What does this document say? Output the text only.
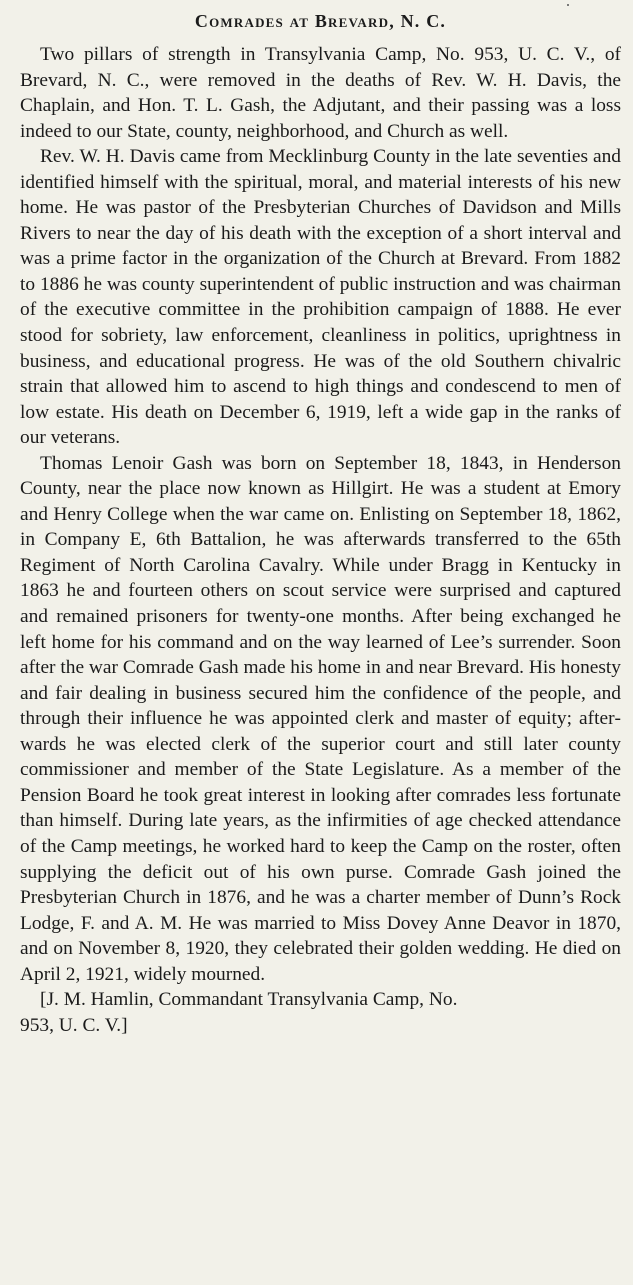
Comrades at Brevard, N. C.

Two pillars of strength in Transylvania Camp, No. 953, U. C. V., of Brevard, N. C., were removed in the deaths of Rev. W. H. Davis, the Chaplain, and Hon. T. L. Gash, the Adjutant, and their passing was a loss indeed to our State, county, neighborhood, and Church as well.

Rev. W. H. Davis came from Mecklinburg County in the late seventies and identified himself with the spiritual, moral, and material interests of his new home. He was pastor of the Presbyterian Churches of Davidson and Mills Rivers to near the day of his death with the exception of a short interval and was a prime factor in the organization of the Church at Brevard. From 1882 to 1886 he was county superintendent of public instruction and was chairman of the executive committee in the prohibition campaign of 1888. He ever stood for sobriety, law enforcement, cleanliness in politics, uprightness in business, and educational progress. He was of the old Southern chivalric strain that allowed him to ascend to high things and condescend to men of low estate. His death on December 6, 1919, left a wide gap in the ranks of our veterans.

Thomas Lenoir Gash was born on September 18, 1843, in Henderson County, near the place now known as Hillgirt. He was a student at Emory and Henry College when the war came on. Enlisting on September 18, 1862, in Company E, 6th Battalion, he was afterwards transferred to the 65th Regiment of North Carolina Cavalry. While under Bragg in Kentucky in 1863 he and fourteen others on scout service were surprised and captured and remained prisoners for twenty-one months. After being exchanged he left home for his command and on the way learned of Lee’s surrender. Soon after the war Comrade Gash made his home in and near Brevard. His honesty and fair dealing in business secured him the confidence of the people, and through their influence he was appointed clerk and master of equity; afterwards he was elected clerk of the superior court and still later county commissioner and member of the State Legislature. As a member of the Pension Board he took great interest in looking after comrades less fortunate than himself. During late years, as the infirmities of age checked attendance of the Camp meetings, he worked hard to keep the Camp on the roster, often supplying the deficit out of his own purse. Comrade Gash joined the Presbyterian Church in 1876, and he was a charter member of Dunn’s Rock Lodge, F. and A. M. He was married to Miss Dovey Anne Deavor in 1870, and on November 8, 1920, they celebrated their golden wedding. He died on April 2, 1921, widely mourned.

[J. M. Hamlin, Commandant Transylvania Camp, No.
953, U. C. V.]
